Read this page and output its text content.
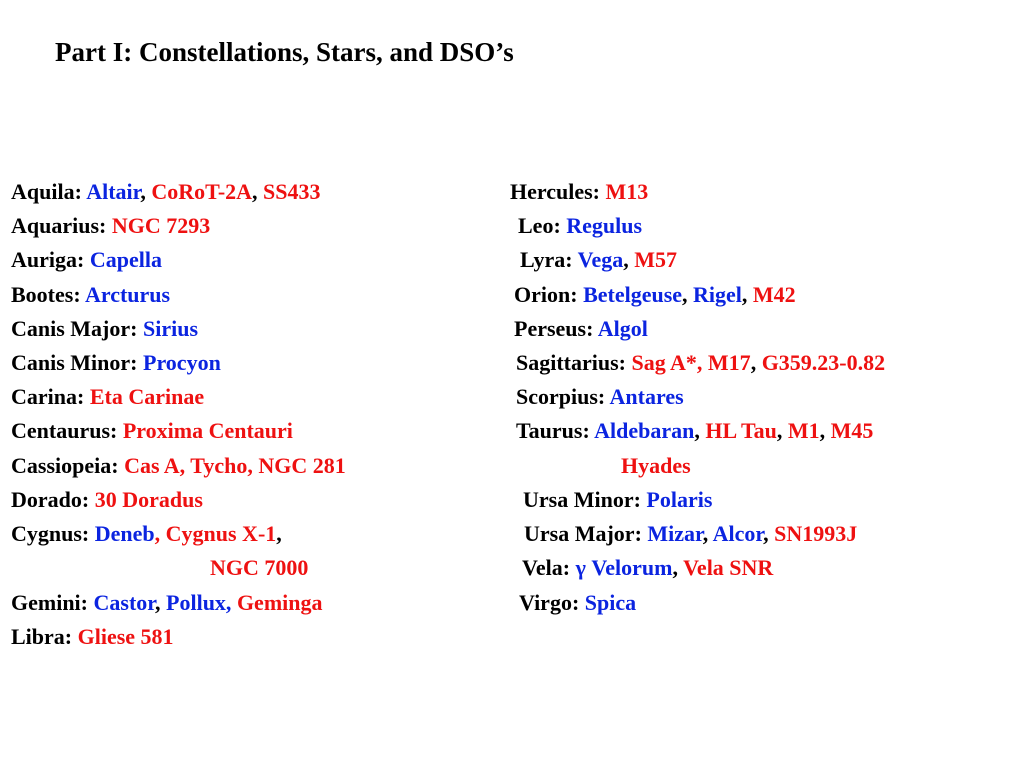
Part I: Constellations, Stars, and DSO’s
Aquila: Altair, CoRoT-2A, SS433
Aquarius: NGC 7293
Auriga: Capella
Bootes: Arcturus
Canis Major: Sirius
Canis Minor: Procyon
Carina: Eta Carinae
Centaurus: Proxima Centauri
Cassiopeia: Cas A, Tycho, NGC 281
Dorado: 30 Doradus
Cygnus: Deneb, Cygnus X-1,
NGC 7000
Gemini: Castor, Pollux, Geminga
Libra: Gliese 581
Hercules: M13
Leo: Regulus
Lyra: Vega, M57
Orion: Betelgeuse, Rigel, M42
Perseus: Algol
Sagittarius: Sag A*, M17, G359.23-0.82
Scorpius: Antares
Taurus: Aldebaran, HL Tau, M1, M45
Hyades
Ursa Minor: Polaris
Ursa Major: Mizar, Alcor, SN1993J
Vela: γ Velorum, Vela SNR
Virgo: Spica
